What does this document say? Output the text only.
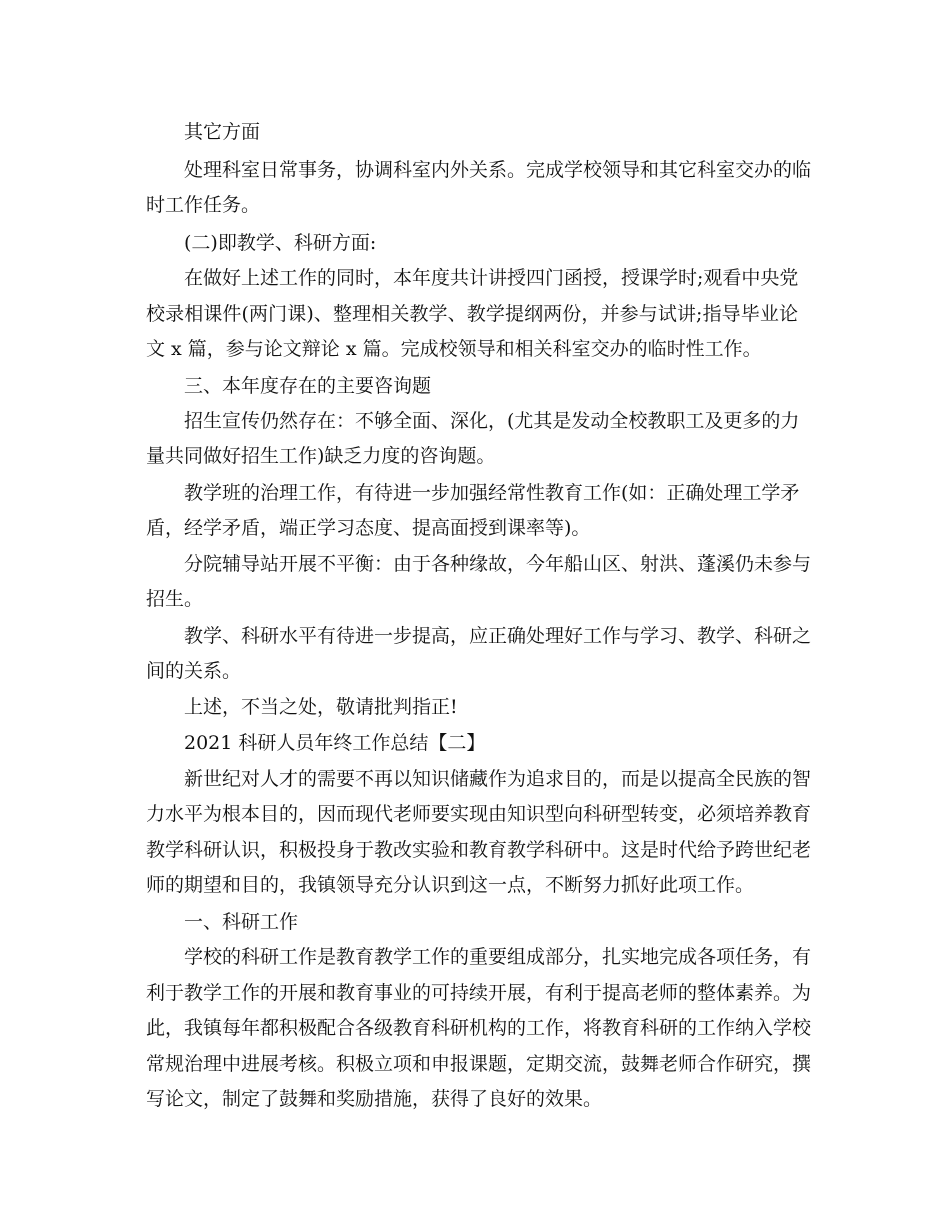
其它方面
处理科室日常事务，协调科室内外关系。完成学校领导和其它科室交办的临
时工作任务。
(二)即教学、科研方面:
在做好上述工作的同时，本年度共计讲授四门函授，授课学时;观看中央党
校录相课件(两门课)、整理相关教学、教学提纲两份，并参与试讲;指导毕业论
文 x 篇，参与论文辩论 x 篇。完成校领导和相关科室交办的临时性工作。
三、本年度存在的主要咨询题
招生宣传仍然存在：不够全面、深化，(尤其是发动全校教职工及更多的力
量共同做好招生工作)缺乏力度的咨询题。
教学班的治理工作，有待进一步加强经常性教育工作(如：正确处理工学矛
盾，经学矛盾，端正学习态度、提高面授到课率等)。
分院辅导站开展不平衡：由于各种缘故，今年船山区、射洪、蓬溪仍未参与
招生。
教学、科研水平有待进一步提高，应正确处理好工作与学习、教学、科研之
间的关系。
上述，不当之处，敬请批判指正!
2021 科研人员年终工作总结【二】
新世纪对人才的需要不再以知识储藏作为追求目的，而是以提高全民族的智
力水平为根本目的，因而现代老师要实现由知识型向科研型转变，必须培养教育
教学科研认识，积极投身于教改实验和教育教学科研中。这是时代给予跨世纪老
师的期望和目的，我镇领导充分认识到这一点，不断努力抓好此项工作。
一、科研工作
学校的科研工作是教育教学工作的重要组成部分，扎实地完成各项任务，有
利于教学工作的开展和教育事业的可持续开展，有利于提高老师的整体素养。为
此，我镇每年都积极配合各级教育科研机构的工作，将教育科研的工作纳入学校
常规治理中进展考核。积极立项和申报课题，定期交流，鼓舞老师合作研究，撰
写论文，制定了鼓舞和奖励措施，获得了良好的效果。
